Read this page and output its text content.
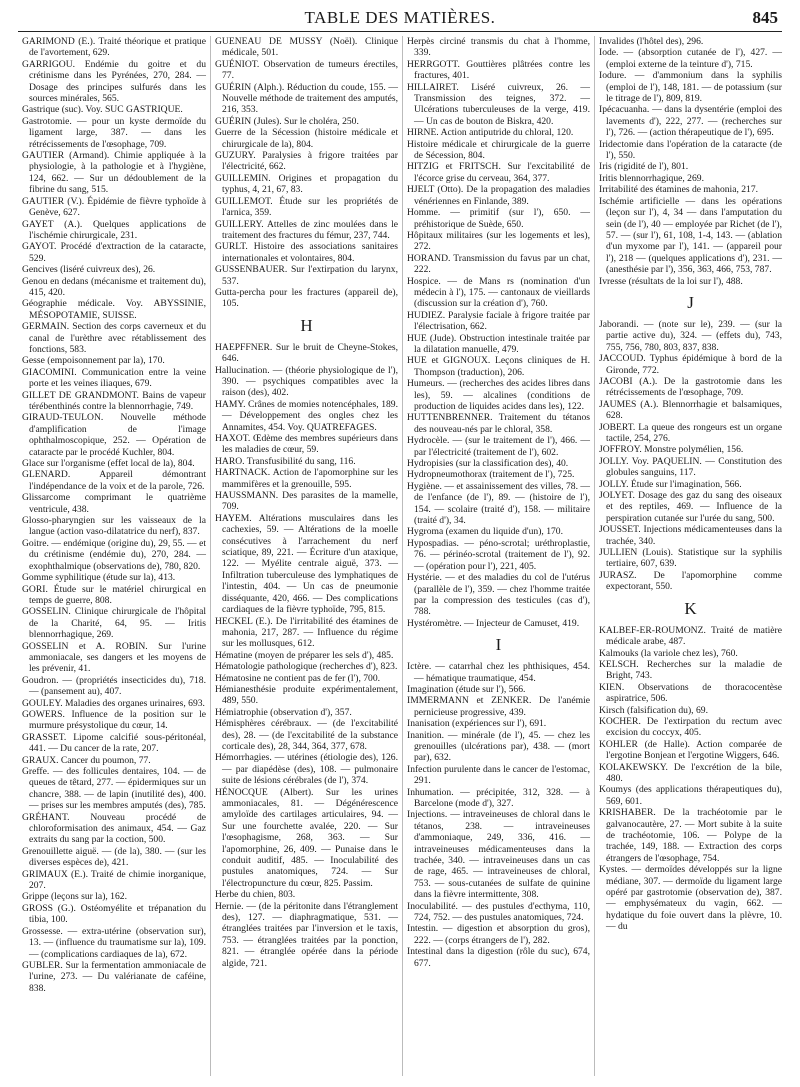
TABLE DES MATIÈRES.	845

GARIMOND (E.). Traité théorique et pratique de l'avortement, 629.

GARRIGOU. Endémie du goitre et du crétinisme dans les Pyrénées, 270, 284. — Dosage des principes sulfurés dans les sources minérales, 565.

Gastrique (suc). Voy. SUC GASTRIQUE.

Gastrotomie. — pour un kyste dermoïde du ligament large, 387. — dans les rétrécissements de l'œsophage, 709.

GAUTIER (Armand). Chimie appliquée à la physiologie, à la pathologie et à l'hygiène, 124, 662. — Sur un dédoublement de la fibrine du sang, 515.

GAUTIER (V.). Épidémie de fièvre typhoïde à Genève, 627.

GAYET (A.). Quelques applications de l'ischémie chirurgicale, 231.

GAYOT. Procédé d'extraction de la cataracte, 529.

Gencives (liséré cuivreux des), 26.

Genou en dedans (mécanisme et traitement du), 415, 420.

Géographie médicale. Voy. ABYSSINIE, MÉSOPOTAMIE, SUISSE.

GERMAIN. Section des corps caverneux et du canal de l'urèthre avec rétablissement des fonctions, 583.

Gesse (empoisonnement par la), 170.

GIACOMINI. Communication entre la veine porte et les veines iliaques, 679.

GILLET DE GRANDMONT. Bains de vapeur térébenthinés contre la blennorrhagie, 749.

GIRAUD-TEULON. Nouvelle méthode d'amplification de l'image ophthalmoscopique, 252. — Opération de cataracte par le procédé Kuchler, 804.

Glace sur l'organisme (effet local de la), 804.

GLENARD. Appareil démontrant l'indépendance de la voix et de la parole, 726.

Glissarcome comprimant le quatrième ventricule, 438.

Glosso-pharyngien sur les vaisseaux de la langue (action vaso-dilatatrice du nerf), 837.

Goitre. — endémique (origine du), 29, 55. — et du crétinisme (endémie du), 270, 284. — exophthalmique (observations de), 780, 820.

Gomme syphilitique (étude sur la), 413.

GORI. Étude sur le matériel chirurgical en temps de guerre, 808.

GOSSELIN. Clinique chirurgicale de l'hôpital de la Charité, 64, 95. — Iritis blennorrhagique, 269.

GOSSELIN et A. ROBIN. Sur l'urine ammoniacale, ses dangers et les moyens de les prévenir, 41.

Goudron. — (propriétés insecticides du), 718. — (pansement au), 407.

GOULEY. Maladies des organes urinaires, 693.

GOWERS. Influence de la position sur le murmure présystolique du cœur, 14.

GRASSET. Lipome calcifié sous-péritonéal, 441. — Du cancer de la rate, 207.

GRAUX. Cancer du poumon, 77.

Greffe. — des follicules dentaires, 104. — de queues de têtard, 277. — épidermiques sur un chancre, 388. — de lapin (inutilité des), 400. — prises sur les membres amputés (des), 785.

GRÉHANT. Nouveau procédé de chloroformisation des animaux, 454. — Gaz extraits du sang par la coction, 500.

Grenouillette aiguë. — (de la), 380. — (sur les diverses espèces de), 421.

GRIMAUX (E.). Traité de chimie inorganique, 207.

Grippe (leçons sur la), 162.

GROSS (G.). Ostéomyélite et trépanation du tibia, 100.

Grossesse. — extra-utérine (observation sur), 13. — (influence du traumatisme sur la), 109. — (complications cardiaques de la), 672.

GUBLER. Sur la fermentation ammoniacale de l'urine, 273. — Du valérianate de caféine, 838.

GUENEAU DE MUSSY (Noël). Clinique médicale, 501.

GUÉNIOT. Observation de tumeurs érectiles, 77.

GUÉRIN (Alph.). Réduction du coude, 155. — Nouvelle méthode de traitement des amputés, 216, 353.

GUÉRIN (Jules). Sur le choléra, 250.

Guerre de la Sécession (histoire médicale et chirurgicale de la), 804.

GUZURY. Paralysies à frigore traitées par l'électricité, 662.

GUILLEMIN. Origines et propagation du typhus, 4, 21, 67, 83.

GUILLEMOT. Étude sur les propriétés de l'arnica, 359.

GUILLERY. Attelles de zinc moulées dans le traitement des fractures du fémur, 237, 744.

GURLT. Histoire des associations sanitaires internationales et volontaires, 804.

GUSSENBAUER. Sur l'extirpation du larynx, 537.

Gutta-percha pour les fractures (appareil de), 105.

H

HAEPFFNER. Sur le bruit de Cheyne-Stokes, 646.

Hallucination. — (théorie physiologique de l'), 390. — psychiques compatibles avec la raison (des), 402.

HAMY. Crânes de momies notencéphales, 189. — Développement des ongles chez les Annamites, 454. Voy. QUATREFAGES.

HAXOT. Œdème des membres supérieurs dans les maladies de cœur, 59.

HARO. Transfusibilité du sang, 116.

HARTNACK. Action de l'apomorphine sur les mammifères et la grenouille, 595.

HAUSSMANN. Des parasites de la mamelle, 709.

HAYEM. Altérations musculaires dans les cachexies, 59. — Altérations de la moelle consécutives à l'arrachement du nerf sciatique, 89, 221. — Écriture d'un ataxique, 122. — Myélite centrale aiguë, 373. — Infiltration tuberculeuse des lymphatiques de l'intestin, 404. — Un cas de pneumonie disséquante, 420, 466. — Des complications cardiaques de la fièvre typhoïde, 795, 815.

HECKEL (E.). De l'irritabilité des étamines de mahonia, 217, 287. — Influence du régime sur les mollusques, 612.

Hématine (moyen de préparer les sels d'), 485.

Hématologie pathologique (recherches d'), 823.

Hématosine ne contient pas de fer (l'), 700.

Hémianesthésie produite expérimentalement, 489, 550.

Hémiatrophie (observation d'), 357.

Hémisphères cérébraux. — (de l'excitabilité des), 28. — (de l'excitabilité de la substance corticale des), 28, 344, 364, 377, 678.

Hémorrhagies. — utérines (étiologie des), 126. — par diapédèse (des), 108. — pulmonaire suite de lésions cérébrales (de l'), 374.

HÉNOCQUE (Albert). Sur les urines ammoniacales, 81. — Dégénérescence amyloïde des cartilages articulaires, 94. — Sur une fourchette avalée, 220. — Sur l'œsophagisme, 268, 363. — Sur l'apomorphine, 26, 409. — Punaise dans le conduit auditif, 485. — Inoculabilité des pustules anatomiques, 724. — Sur l'électropuncture du cœur, 825. Passim.

Herbe du chien, 803.

Hernie. — (de la péritonite dans l'étranglement des), 127. — diaphragmatique, 531. — étranglées traitées par l'inversion et le taxis, 753. — étranglées traitées par la ponction, 821. — étranglée opérée dans la période algide, 721.

Herpès circiné transmis du chat à l'homme, 339.

HERRGOTT. Gouttières plâtrées contre les fractures, 401.

HILLAIRET. Liséré cuivreux, 26. — Transmission des teignes, 372. — Ulcérations tuberculeuses de la verge, 419. — Un cas de bouton de Biskra, 420.

HIRNE. Action antiputride du chloral, 120.

Histoire médicale et chirurgicale de la guerre de Sécession, 804.

HITZIG et FRITSCH. Sur l'excitabilité de l'écorce grise du cerveau, 364, 377.

HJELT (Otto). De la propagation des maladies vénériennes en Finlande, 389.

Homme. — primitif (sur l'), 650. — préhistorique de Suède, 650.

Hôpitaux militaires (sur les logements et les), 272.

HORAND. Transmission du favus par un chat, 222.

Hospice. — de Mans rs (nomination d'un médecin à l'), 175. — cantonaux de vieillards (discussion sur la création d'), 760.

HUDIEZ. Paralysie faciale à frigore traitée par l'électrisation, 662.

HUE (Jude). Obstruction intestinale traitée par la dilatation manuelle, 479.

HUE et GIGNOUX. Leçons cliniques de H. Thompson (traduction), 206.

Humeurs. — (recherches des acides libres dans les), 59. — alcalines (conditions de production de liquides acides dans les), 122.

HUTTENBRENNER. Traitement du tétanos des nouveau-nés par le chloral, 358.

Hydrocèle. — (sur le traitement de l'), 466. — par l'électricité (traitement de l'), 602.

Hydropisies (sur la classification des), 40.

Hydropneumothorax (traitement de l'), 725.

Hygiène. — et assainissement des villes, 78. — de l'enfance (de l'), 89. — (histoire de l'), 154. — scolaire (traité d'), 158. — militaire (traité d'), 34.

Hygroma (examen du liquide d'un), 170.

Hypospadias. — péno-scrotal; uréthroplastie, 76. — périnéo-scrotal (traitement de l'), 92. — (opération pour l'), 221, 405.

Hystérie. — et des maladies du col de l'utérus (parallèle de l'), 359. — chez l'homme traitée par la compression des testicules (cas d'), 788.

Hystéromètre. — Injecteur de Camuset, 419.

I

Ictère. — catarrhal chez les phthisiques, 454. — hématique traumatique, 454.

Imagination (étude sur l'), 566.

IMMERMANN et ZENKER. De l'anémie pernicieuse progressive, 439.

Inanisation (expériences sur l'), 691.

Inanition. — minérale (de l'), 45. — chez les grenouilles (ulcérations par), 438. — (mort par), 632.

Infection purulente dans le cancer de l'estomac, 291.

Inhumation. — précipitée, 312, 328. — à Barcelone (mode d'), 327.

Injections. — intraveineuses de chloral dans le tétanos, 238. — intraveineuses d'ammoniaque, 249, 336, 416. — intraveineuses médicamenteuses dans la trachée, 340. — intraveineuses dans un cas de rage, 465. — intraveineuses de chloral, 753. — sous-cutanées de sulfate de quinine dans la fièvre intermittente, 308.

Inoculabilité. — des pustules d'ecthyma, 110, 724, 752. — des pustules anatomiques, 724.

Intestin. — digestion et absorption du gros), 222. — (corps étrangers de l'), 282.

Intestinal dans la digestion (rôle du suc), 674, 677.

Invalides (l'hôtel des), 296.

Iode. — (absorption cutanée de l'), 427. — (emploi externe de la teinture d'), 715.

Iodure. — d'ammonium dans la syphilis (emploi de l'), 148, 181. — de potassium (sur le titrage de l'), 809, 819.

Ipécacuanha. — dans la dysentérie (emploi des lavements d'), 222, 277. — (recherches sur l'), 726. — (action thérapeutique de l'), 695.

Iridectomie dans l'opération de la cataracte (de l'), 550.

Iris (rigidité de l'), 801.

Iritis blennorrhagique, 269.

Irritabilité des étamines de mahonia, 217.

Ischémie artificielle — dans les opérations (leçon sur l'), 4, 34 — dans l'amputation du sein (de l'), 40 — employée par Richet (de l'), 57. — (sur l'), 61, 108, 1-4, 143. — (ablation d'un myxome par l'), 141. — (appareil pour l'), 218 — (quelques applications d'), 231. — (anesthésie par l'), 356, 363, 466, 753, 787.

Ivresse (résultats de la loi sur l'), 488.

J

Jaborandi. — (note sur le), 239. — (sur la partie active du), 324. — (effets du), 743, 755, 756, 780, 803, 837, 838.

JACCOUD. Typhus épidémique à bord de la Gironde, 772.

JACOBI (A.). De la gastrotomie dans les rétrécissements de l'œsophage, 709.

JAUMES (A.). Blennorrhagie et balsamiques, 628.

JOBERT. La queue des rongeurs est un organe tactile, 254, 276.

JOFFROY. Monstre polymélien, 156.

JOLLY. Voy. PAQUELIN. — Constitution des globules sanguins, 117.

JOLLY. Étude sur l'imagination, 566.

JOLYET. Dosage des gaz du sang des oiseaux et des reptiles, 469. — Influence de la perspiration cutanée sur l'urée du sang, 500.

JOUSSET. Injections médicamenteuses dans la trachée, 340.

JULLIEN (Louis). Statistique sur la syphilis tertiaire, 607, 639.

JURASZ. De l'apomorphine comme expectorant, 550.

K

KALBEF-ER-ROUMONZ. Traité de matière médicale arabe, 487.

Kalmouks (la variole chez les), 760.

KELSCH. Recherches sur la maladie de Bright, 743.

KIEN. Observations de thoracocentèse aspiratrice, 506.

Kirsch (falsification du), 69.

KOCHER. De l'extirpation du rectum avec excision du coccyx, 405.

KOHLER (de Halle). Action comparée de l'ergotine Bonjean et l'ergotine Wiggers, 646.

KOLAKEWSKY. De l'excrétion de la bile, 480.

Koumys (des applications thérapeutiques du), 569, 601.

KRISHABER. De la trachéotomie par le galvanocautère, 27. — Mort subite à la suite de trachéotomie, 106. — Polype de la trachée, 149, 188. — Extraction des corps étrangers de l'œsophage, 754.

Kystes. — dermoïdes développés sur la ligne médiane, 307. — dermoïde du ligament large opéré par gastrotomie (observation de), 387. — emphysémateux du vagin, 662. — hydatique du foie ouvert dans la plèvre, 10. — du
